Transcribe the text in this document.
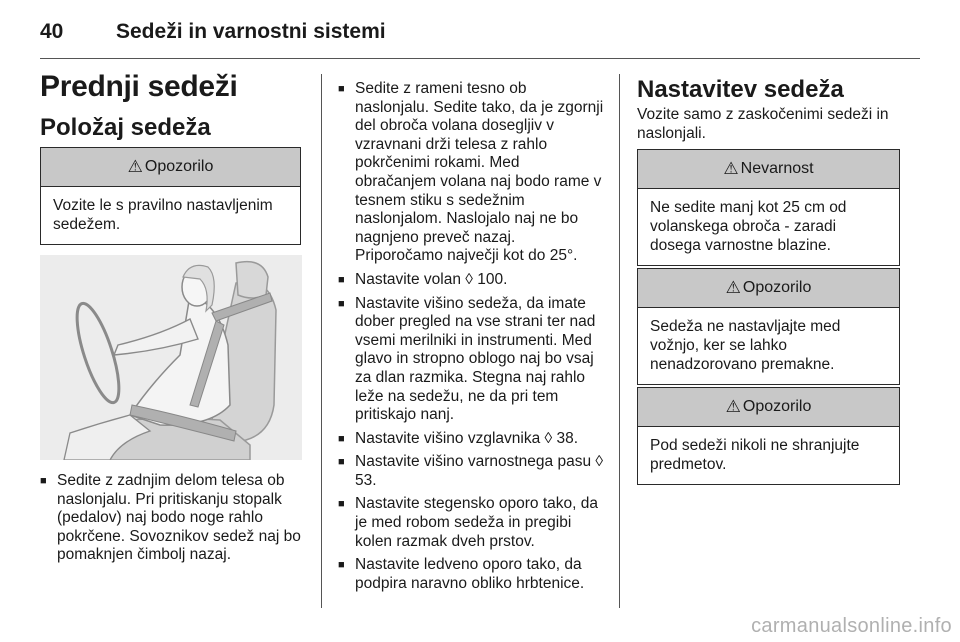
40	Sedeži in varnostni sistemi
Prednji sedeži
Položaj sedeža
⚠ Opozorilo
Vozite le s pravilno nastavljenim sedežem.
■ Sedite z zadnjim delom telesa ob naslonjalu. Pri pritiskanju stopalk (pedalov) naj bodo noge rahlo pokrčene. Sovoznikov sedež naj bo pomaknjen čimbolj nazaj.
■ Sedite z rameni tesno ob naslonjalu. Sedite tako, da je zgornji del obroča volana dosegljiv v vzravnani drži telesa z rahlo pokrčenimi rokami. Med obračanjem volana naj bodo rame v tesnem stiku s sedežnim naslonjalom. Naslojalo naj ne bo nagnjeno preveč nazaj. Priporočamo največji kot do 25°.
■ Nastavite volan ◊ 100.
■ Nastavite višino sedeža, da imate dober pregled na vse strani ter nad vsemi merilniki in instrumenti. Med glavo in stropno oblogo naj bo vsaj za dlan razmika. Stegna naj rahlo leže na sedežu, ne da pri tem pritiskajo nanj.
■ Nastavite višino vzglavnika ◊ 38.
■ Nastavite višino varnostnega pasu ◊ 53.
■ Nastavite stegensko oporo tako, da je med robom sedeža in pregibi kolen razmak dveh prstov.
■ Nastavite ledveno oporo tako, da podpira naravno obliko hrbtenice.
Nastavitev sedeža
Vozite samo z zaskočenimi sedeži in naslonjali.
⚠ Nevarnost
Ne sedite manj kot 25 cm od volanskega obroča - zaradi dosega varnostne blazine.
⚠ Opozorilo
Sedeža ne nastavljajte med vožnjo, ker se lahko nenadzorovano premakne.
⚠ Opozorilo
Pod sedeži nikoli ne shranjujte predmetov.
carmanualsonline.info
